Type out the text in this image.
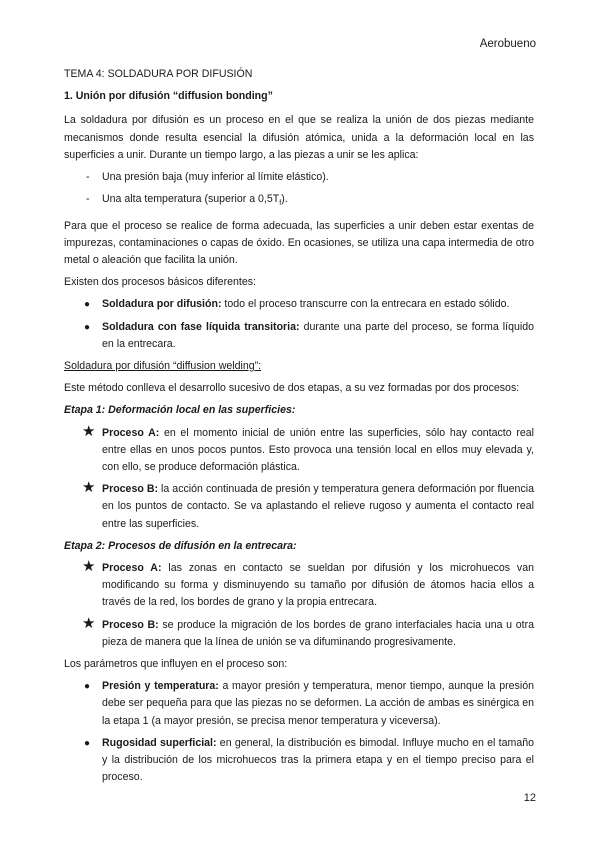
Aerobueno

TEMA 4: SOLDADURA POR DIFUSIÓN

1. Unión por difusión “diffusion bonding”

La soldadura por difusión es un proceso en el que se realiza la unión de dos piezas mediante mecanismos donde resulta esencial la difusión atómica, unida a la deformación local en las superficies a unir. Durante un tiempo largo, a las piezas a unir se les aplica:

- Una presión baja (muy inferior al límite elástico).
- Una alta temperatura (superior a $0,5T_f$).

Para que el proceso se realice de forma adecuada, las superficies a unir deben estar exentas de impurezas, contaminaciones o capas de óxido. En ocasiones, se utiliza una capa intermedia de otro metal o aleación que facilita la unión.

Existen dos procesos básicos diferentes:

● Soldadura por difusión: todo el proceso transcurre con la entrecara en estado sólido.
● Soldadura con fase líquida transitoria: durante una parte del proceso, se forma líquido en la entrecara.

Soldadura por difusión “diffusion welding”:

Este método conlleva el desarrollo sucesivo de dos etapas, a su vez formadas por dos procesos:

Etapa 1: Deformación local en las superficies:

★ Proceso A: en el momento inicial de unión entre las superficies, sólo hay contacto real entre ellas en unos pocos puntos. Esto provoca una tensión local en ellos muy elevada y, con ello, se produce deformación plástica.
★ Proceso B: la acción continuada de presión y temperatura genera deformación por fluencia en los puntos de contacto. Se va aplastando el relieve rugoso y aumenta el contacto real entre las superficies.

Etapa 2: Procesos de difusión en la entrecara:

★ Proceso A: las zonas en contacto se sueldan por difusión y los microhuecos van modificando su forma y disminuyendo su tamaño por difusión de átomos hacia ellos a través de la red, los bordes de grano y la propia entrecara.
★ Proceso B: se produce la migración de los bordes de grano interfaciales hacia una u otra pieza de manera que la línea de unión se va difuminando progresivamente.

Los parámetros que influyen en el proceso son:

● Presión y temperatura: a mayor presión y temperatura, menor tiempo, aunque la presión debe ser pequeña para que las piezas no se deformen. La acción de ambas es sinérgica en la etapa 1 (a mayor presión, se precisa menor temperatura y viceversa).
● Rugosidad superficial: en general, la distribución es bimodal. Influye mucho en el tamaño y la distribución de los microhuecos tras la primera etapa y en el tiempo preciso para el proceso.
12
